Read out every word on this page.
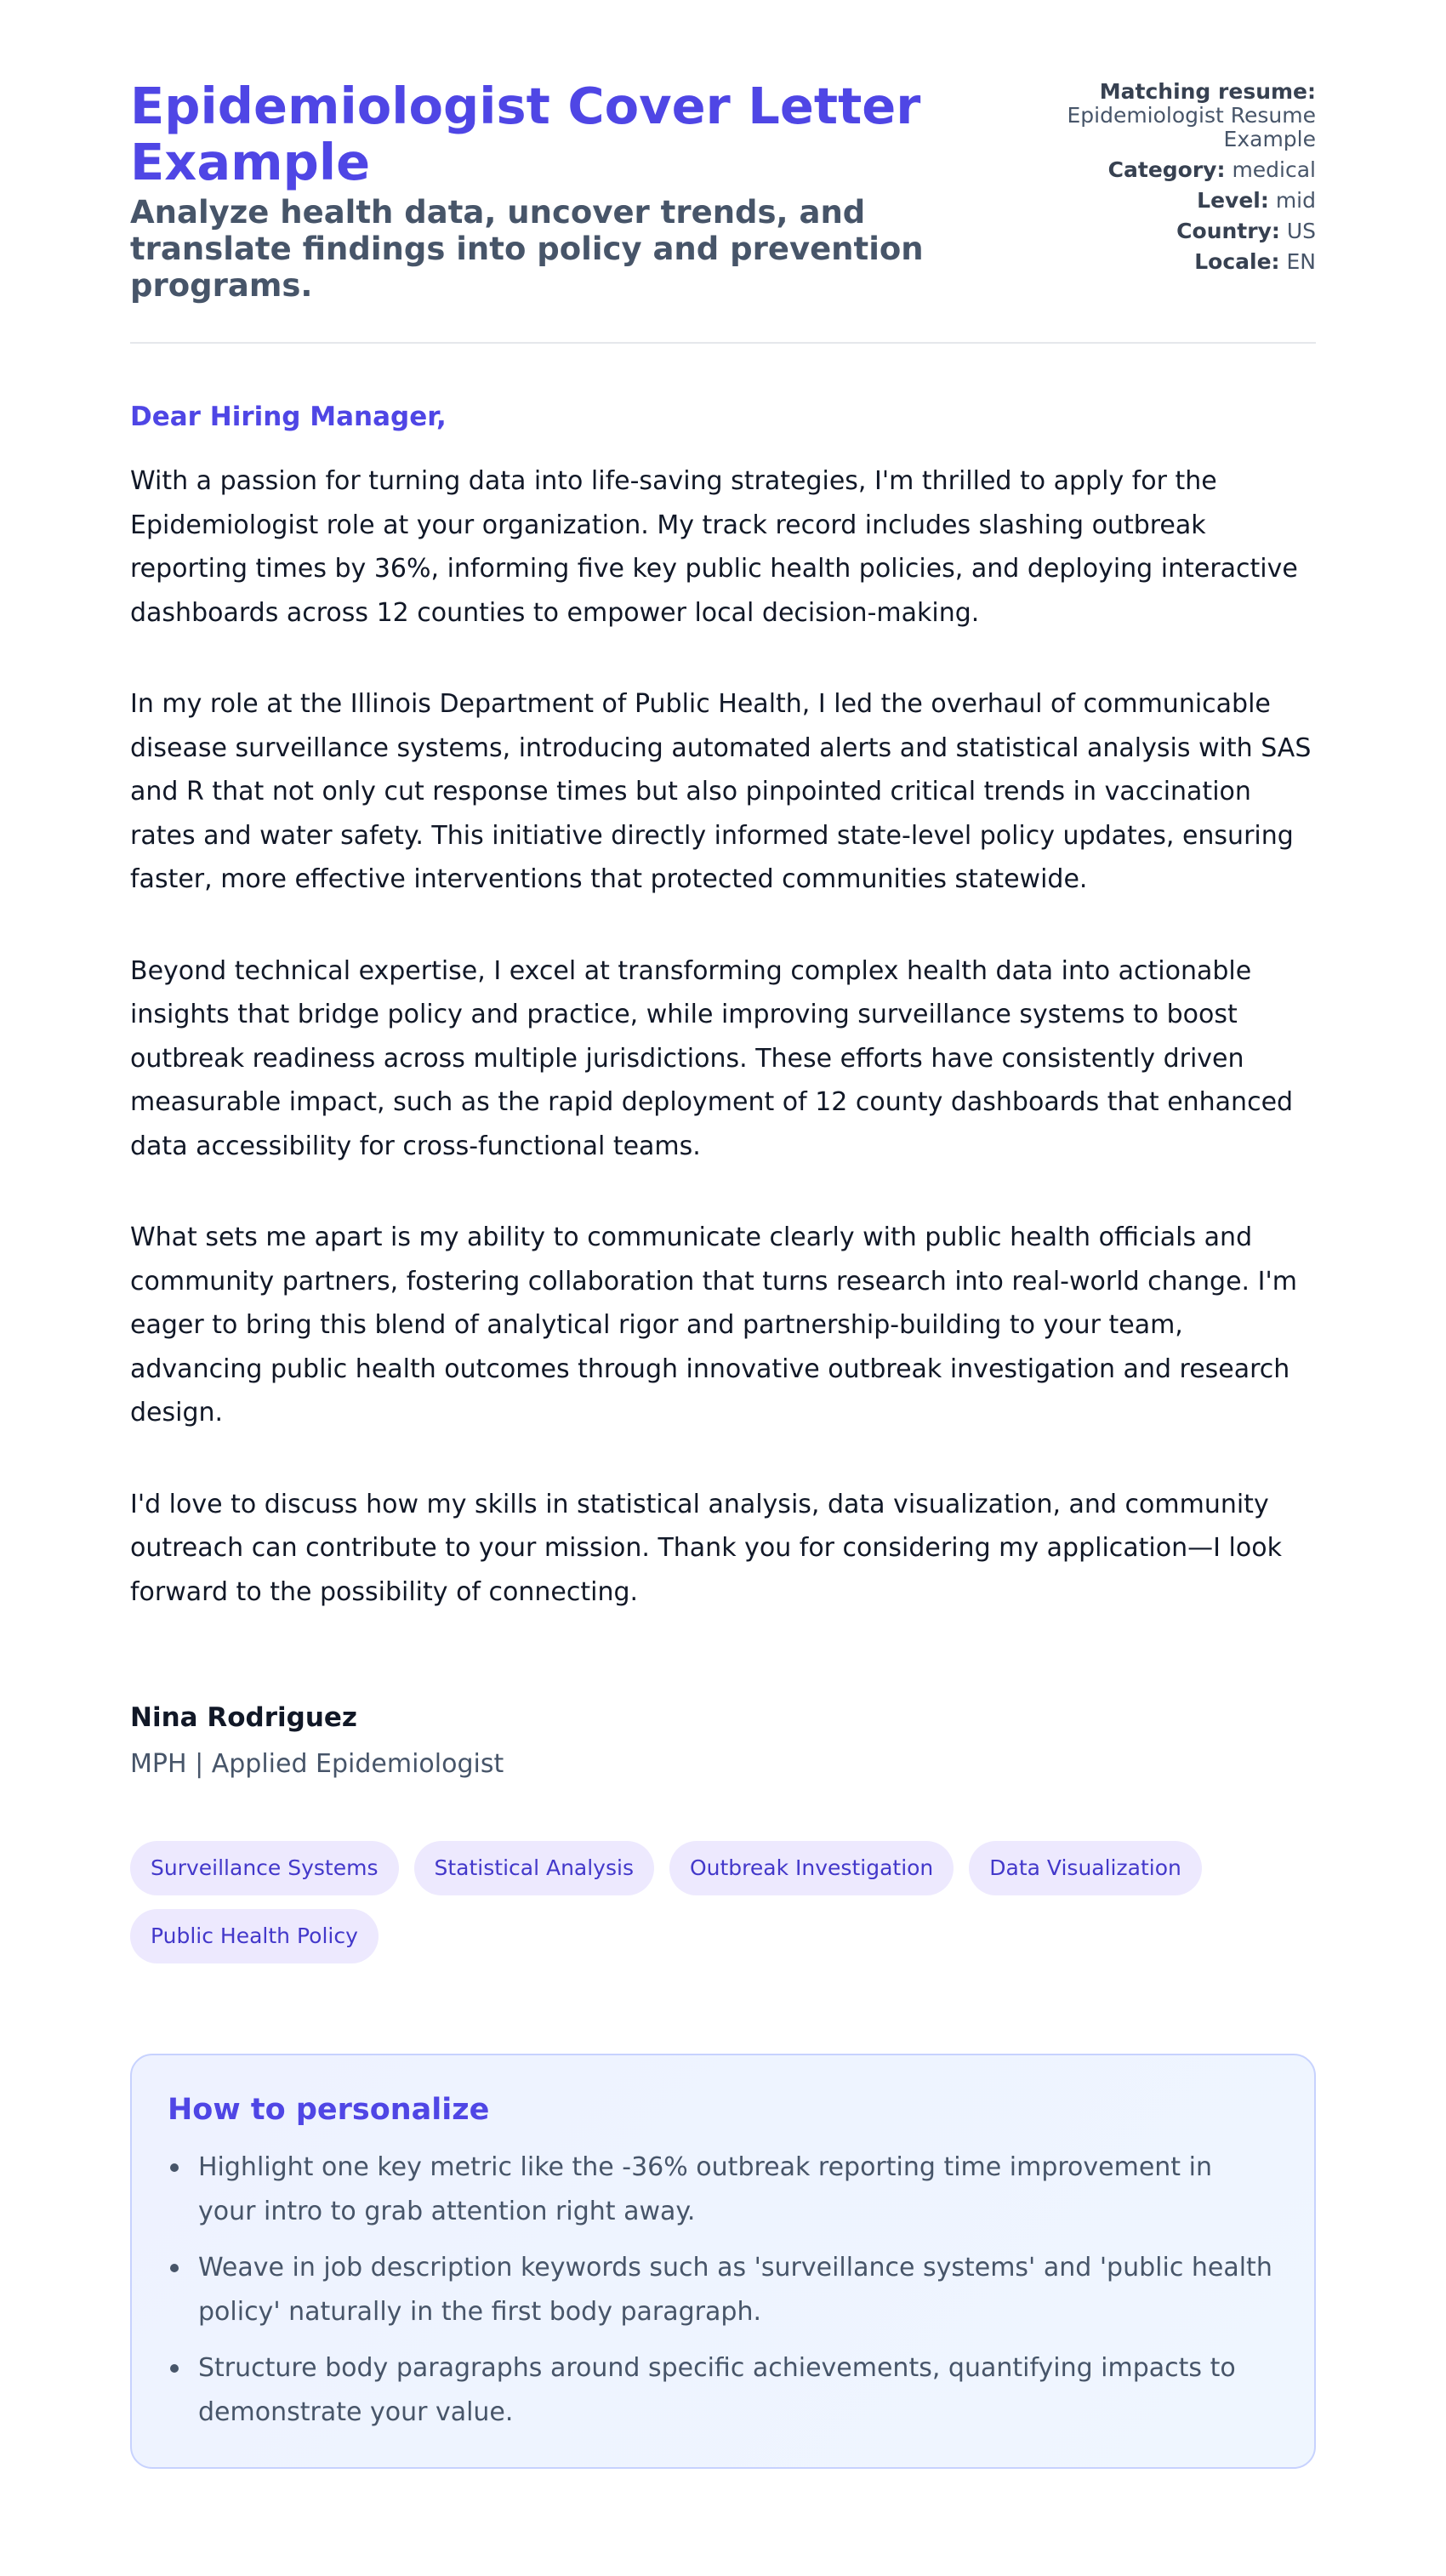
Epidemiologist Cover Letter Example
Analyze health data, uncover trends, and translate findings into policy and prevention programs.
Matching resume:
Epidemiologist Resume Example
Category: medical
Level: mid
Country: US
Locale: EN

Dear Hiring Manager,

With a passion for turning data into life-saving strategies, I'm thrilled to apply for the Epidemiologist role at your organization. My track record includes slashing outbreak reporting times by 36%, informing five key public health policies, and deploying interactive dashboards across 12 counties to empower local decision-making.

In my role at the Illinois Department of Public Health, I led the overhaul of communicable disease surveillance systems, introducing automated alerts and statistical analysis with SAS and R that not only cut response times but also pinpointed critical trends in vaccination rates and water safety. This initiative directly informed state-level policy updates, ensuring faster, more effective interventions that protected communities statewide.

Beyond technical expertise, I excel at transforming complex health data into actionable insights that bridge policy and practice, while improving surveillance systems to boost outbreak readiness across multiple jurisdictions. These efforts have consistently driven measurable impact, such as the rapid deployment of 12 county dashboards that enhanced data accessibility for cross-functional teams.

What sets me apart is my ability to communicate clearly with public health officials and community partners, fostering collaboration that turns research into real-world change. I'm eager to bring this blend of analytical rigor and partnership-building to your team, advancing public health outcomes through innovative outbreak investigation and research design.

I'd love to discuss how my skills in statistical analysis, data visualization, and community outreach can contribute to your mission. Thank you for considering my application—I look forward to the possibility of connecting.

Nina Rodriguez
MPH | Applied Epidemiologist
Surveillance Systems	Statistical Analysis	Outbreak Investigation	Data Visualization
Public Health Policy
How to personalize
Highlight one key metric like the -36% outbreak reporting time improvement in your intro to grab attention right away.
Weave in job description keywords such as 'surveillance systems' and 'public health policy' naturally in the first body paragraph.
Structure body paragraphs around specific achievements, quantifying impacts to demonstrate your value.
